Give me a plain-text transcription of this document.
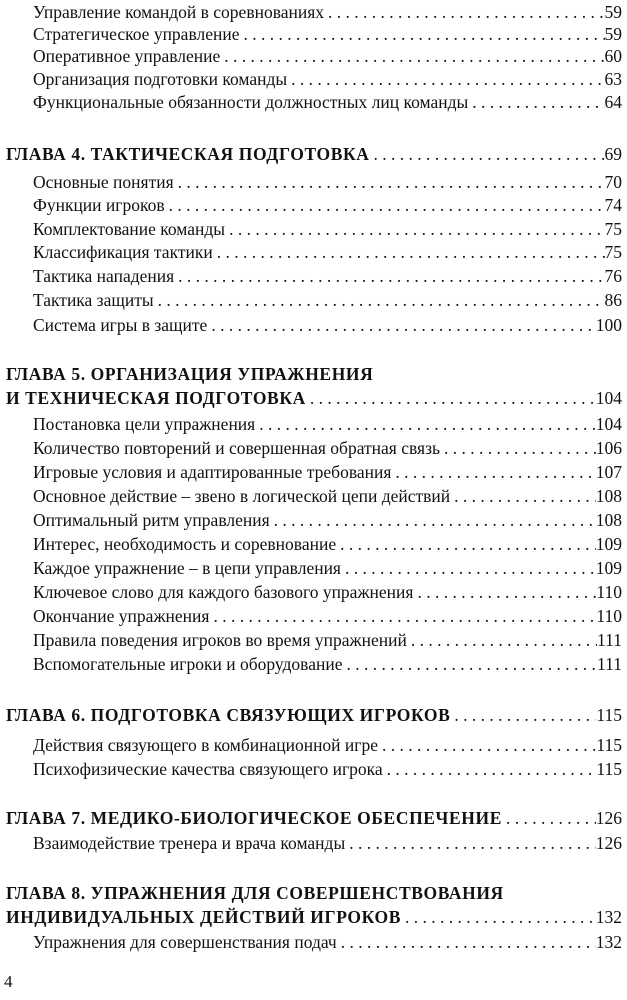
Управление командой в соревнованиях . . .	59
Стратегическое управление . . .	59
Оперативное управление . . .	60
Организация подготовки команды . . .	63
Функциональные обязанности должностных лиц команды . . .	64
ГЛАВА 4. ТАКТИЧЕСКАЯ ПОДГОТОВКА . . .	69
Основные понятия . . .	70
Функции игроков . . .	74
Комплектование команды . . .	75
Классификация тактики . . .	75
Тактика нападения . . .	76
Тактика защиты . . .	86
Система игры в защите . . .	100
ГЛАВА 5. ОРГАНИЗАЦИЯ УПРАЖНЕНИЯ
И ТЕХНИЧЕСКАЯ ПОДГОТОВКА . . .	104
Постановка цели упражнения . . .	104
Количество повторений и совершенная обратная связь . . .	106
Игровые условия и адаптированные требования . . .	107
Основное действие – звено в логической цепи действий . . .	108
Оптимальный ритм управления . . .	108
Интерес, необходимость и соревнование . . .	109
Каждое упражнение – в цепи управления . . .	109
Ключевое слово для каждого базового упражнения . . .	110
Окончание упражнения . . .	110
Правила поведения игроков во время упражнений . . .	111
Вспомогательные игроки и оборудование . . .	111
ГЛАВА 6. ПОДГОТОВКА СВЯЗУЮЩИХ ИГРОКОВ . . .	115
Действия связующего в комбинационной игре . . .	115
Психофизические качества связующего игрока . . .	115
ГЛАВА 7. МЕДИКО-БИОЛОГИЧЕСКОЕ ОБЕСПЕЧЕНИЕ . . .	126
Взаимодействие тренера и врача команды . . .	126
ГЛАВА 8. УПРАЖНЕНИЯ ДЛЯ СОВЕРШЕНСТВОВАНИЯ
ИНДИВИДУАЛЬНЫХ ДЕЙСТВИЙ ИГРОКОВ . . .	132
Упражнения для совершенствания подач . . .	132
4
